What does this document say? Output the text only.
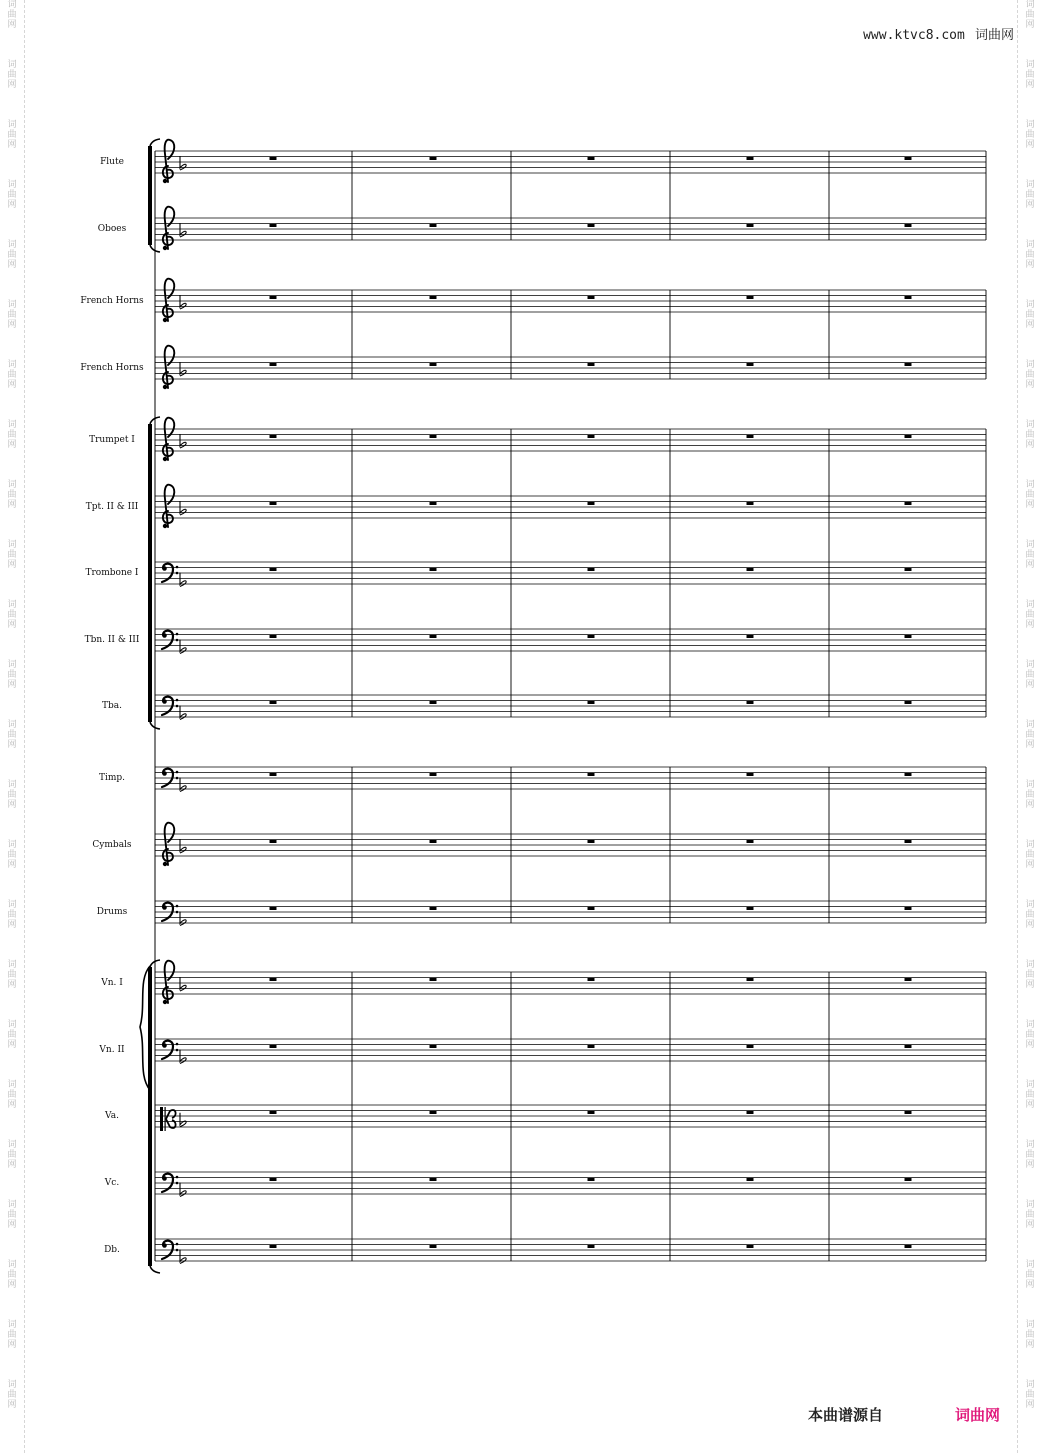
词
曲
网
词
曲
网
词
曲
网
词
曲
网
词
曲
网
词
曲
网
词
曲
网
词
曲
网
词
曲
网
词
曲
网
词
曲
网
词
曲
网
词
曲
网
词
曲
网
词
曲
网
词
曲
网
词
曲
网
词
曲
网
词
曲
网
词
曲
网
词
曲
网
词
曲
网
词
曲
网
词
曲
网
词
曲
网
词
曲
网
词
曲
网
词
曲
网
词
曲
网
词
曲
网
词
曲
网
词
曲
网
词
曲
网
词
曲
网
词
曲
网
词
曲
网
词
曲
网
词
曲
网
词
曲
网
词
曲
网
词
曲
网
词
曲
网
词
曲
网
词
曲
网
词
曲
网
词
曲
网
词
曲
网
词
曲
网
www.ktvc8.com 词曲网
Flute
Oboes
French Horns
French Horns
Trumpet I
Tpt. II & III
Trombone I
Tbn. II & III
Tba.
Timp.
Cymbals
Drums
Vn. I
Vn. II
Va.
Vc.
Db.
本曲谱源自	词曲网
